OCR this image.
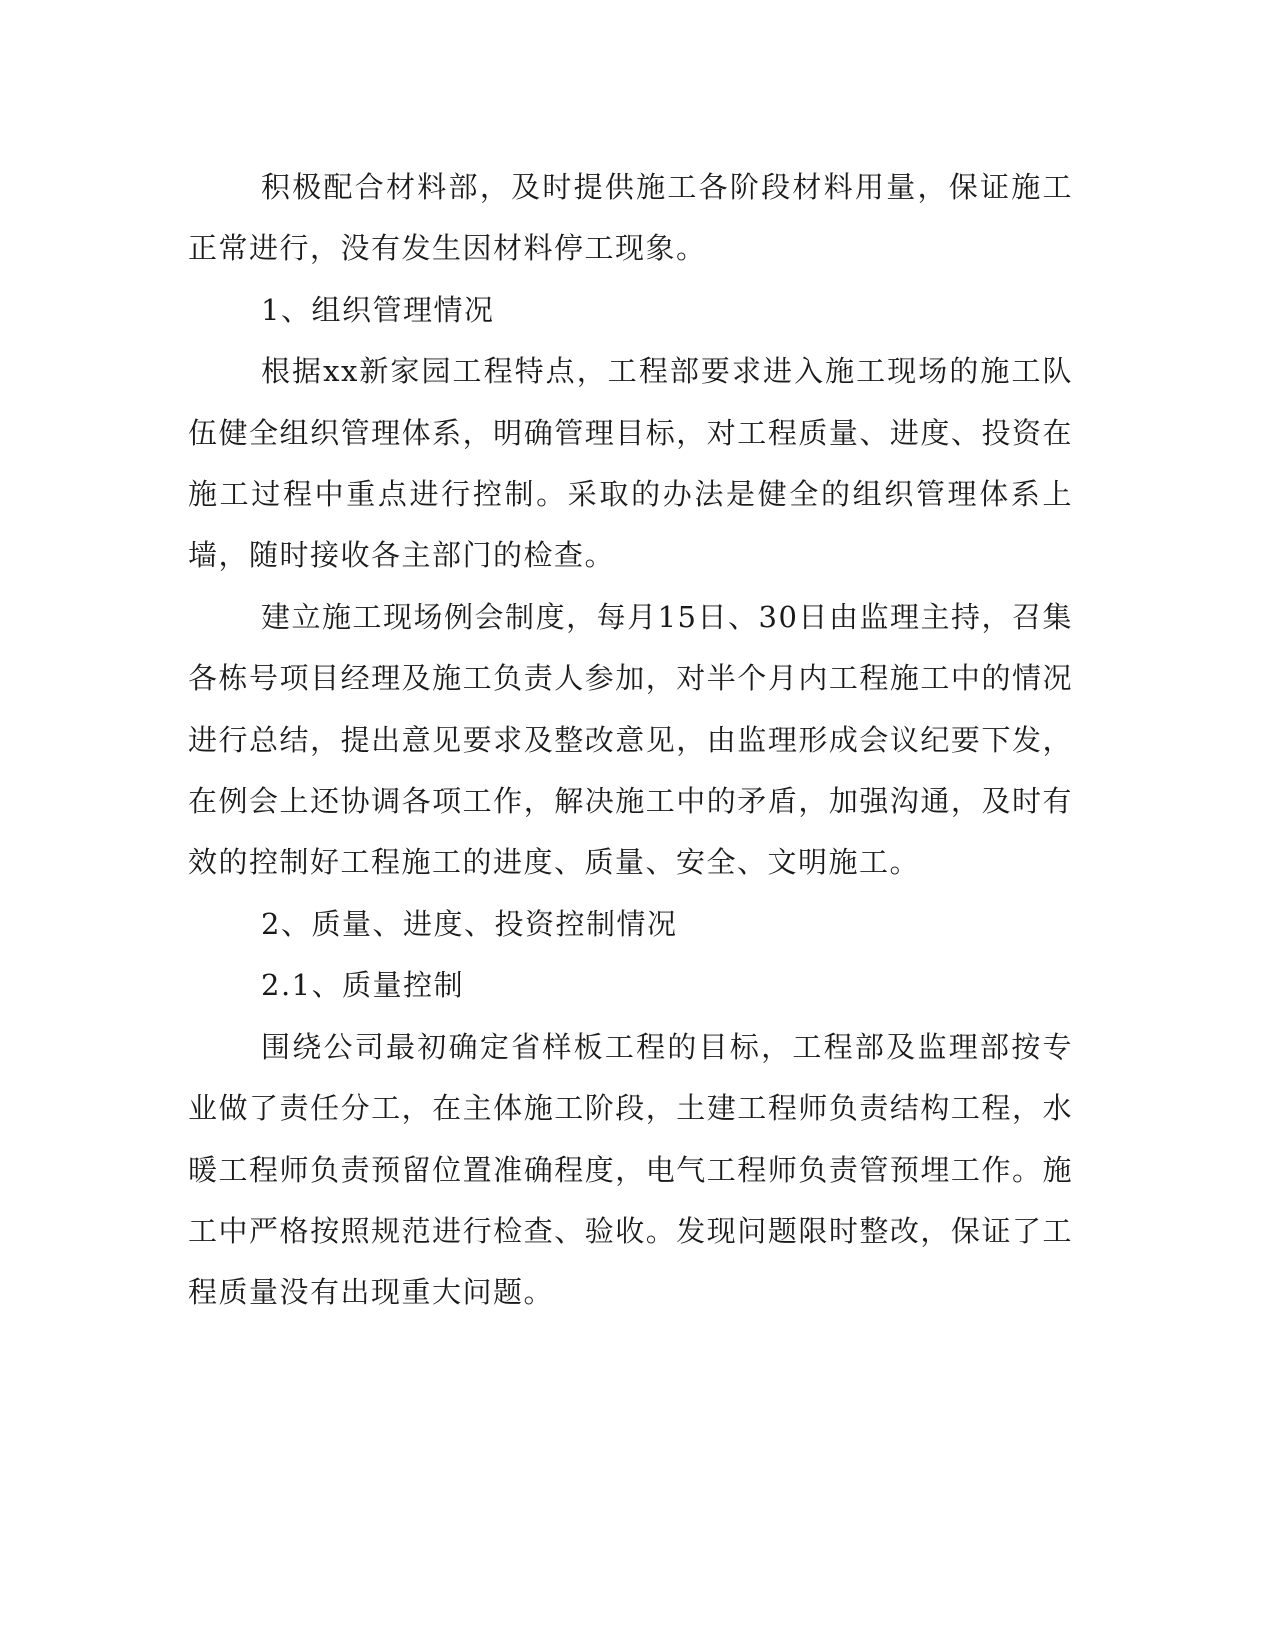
积极配合材料部，及时提供施工各阶段材料用量，保证施工正常进行，没有发生因材料停工现象。

1、组织管理情况

根据xx新家园工程特点，工程部要求进入施工现场的施工队伍健全组织管理体系，明确管理目标，对工程质量、进度、投资在施工过程中重点进行控制。采取的办法是健全的组织管理体系上墙，随时接收各主部门的检查。

建立施工现场例会制度，每月15日、30日由监理主持，召集各栋号项目经理及施工负责人参加，对半个月内工程施工中的情况进行总结，提出意见要求及整改意见，由监理形成会议纪要下发，在例会上还协调各项工作，解决施工中的矛盾，加强沟通，及时有效的控制好工程施工的进度、质量、安全、文明施工。

2、质量、进度、投资控制情况

2.1、质量控制

围绕公司最初确定省样板工程的目标，工程部及监理部按专业做了责任分工，在主体施工阶段，土建工程师负责结构工程，水暖工程师负责预留位置准确程度，电气工程师负责管预埋工作。施工中严格按照规范进行检查、验收。发现问题限时整改，保证了工程质量没有出现重大问题。
